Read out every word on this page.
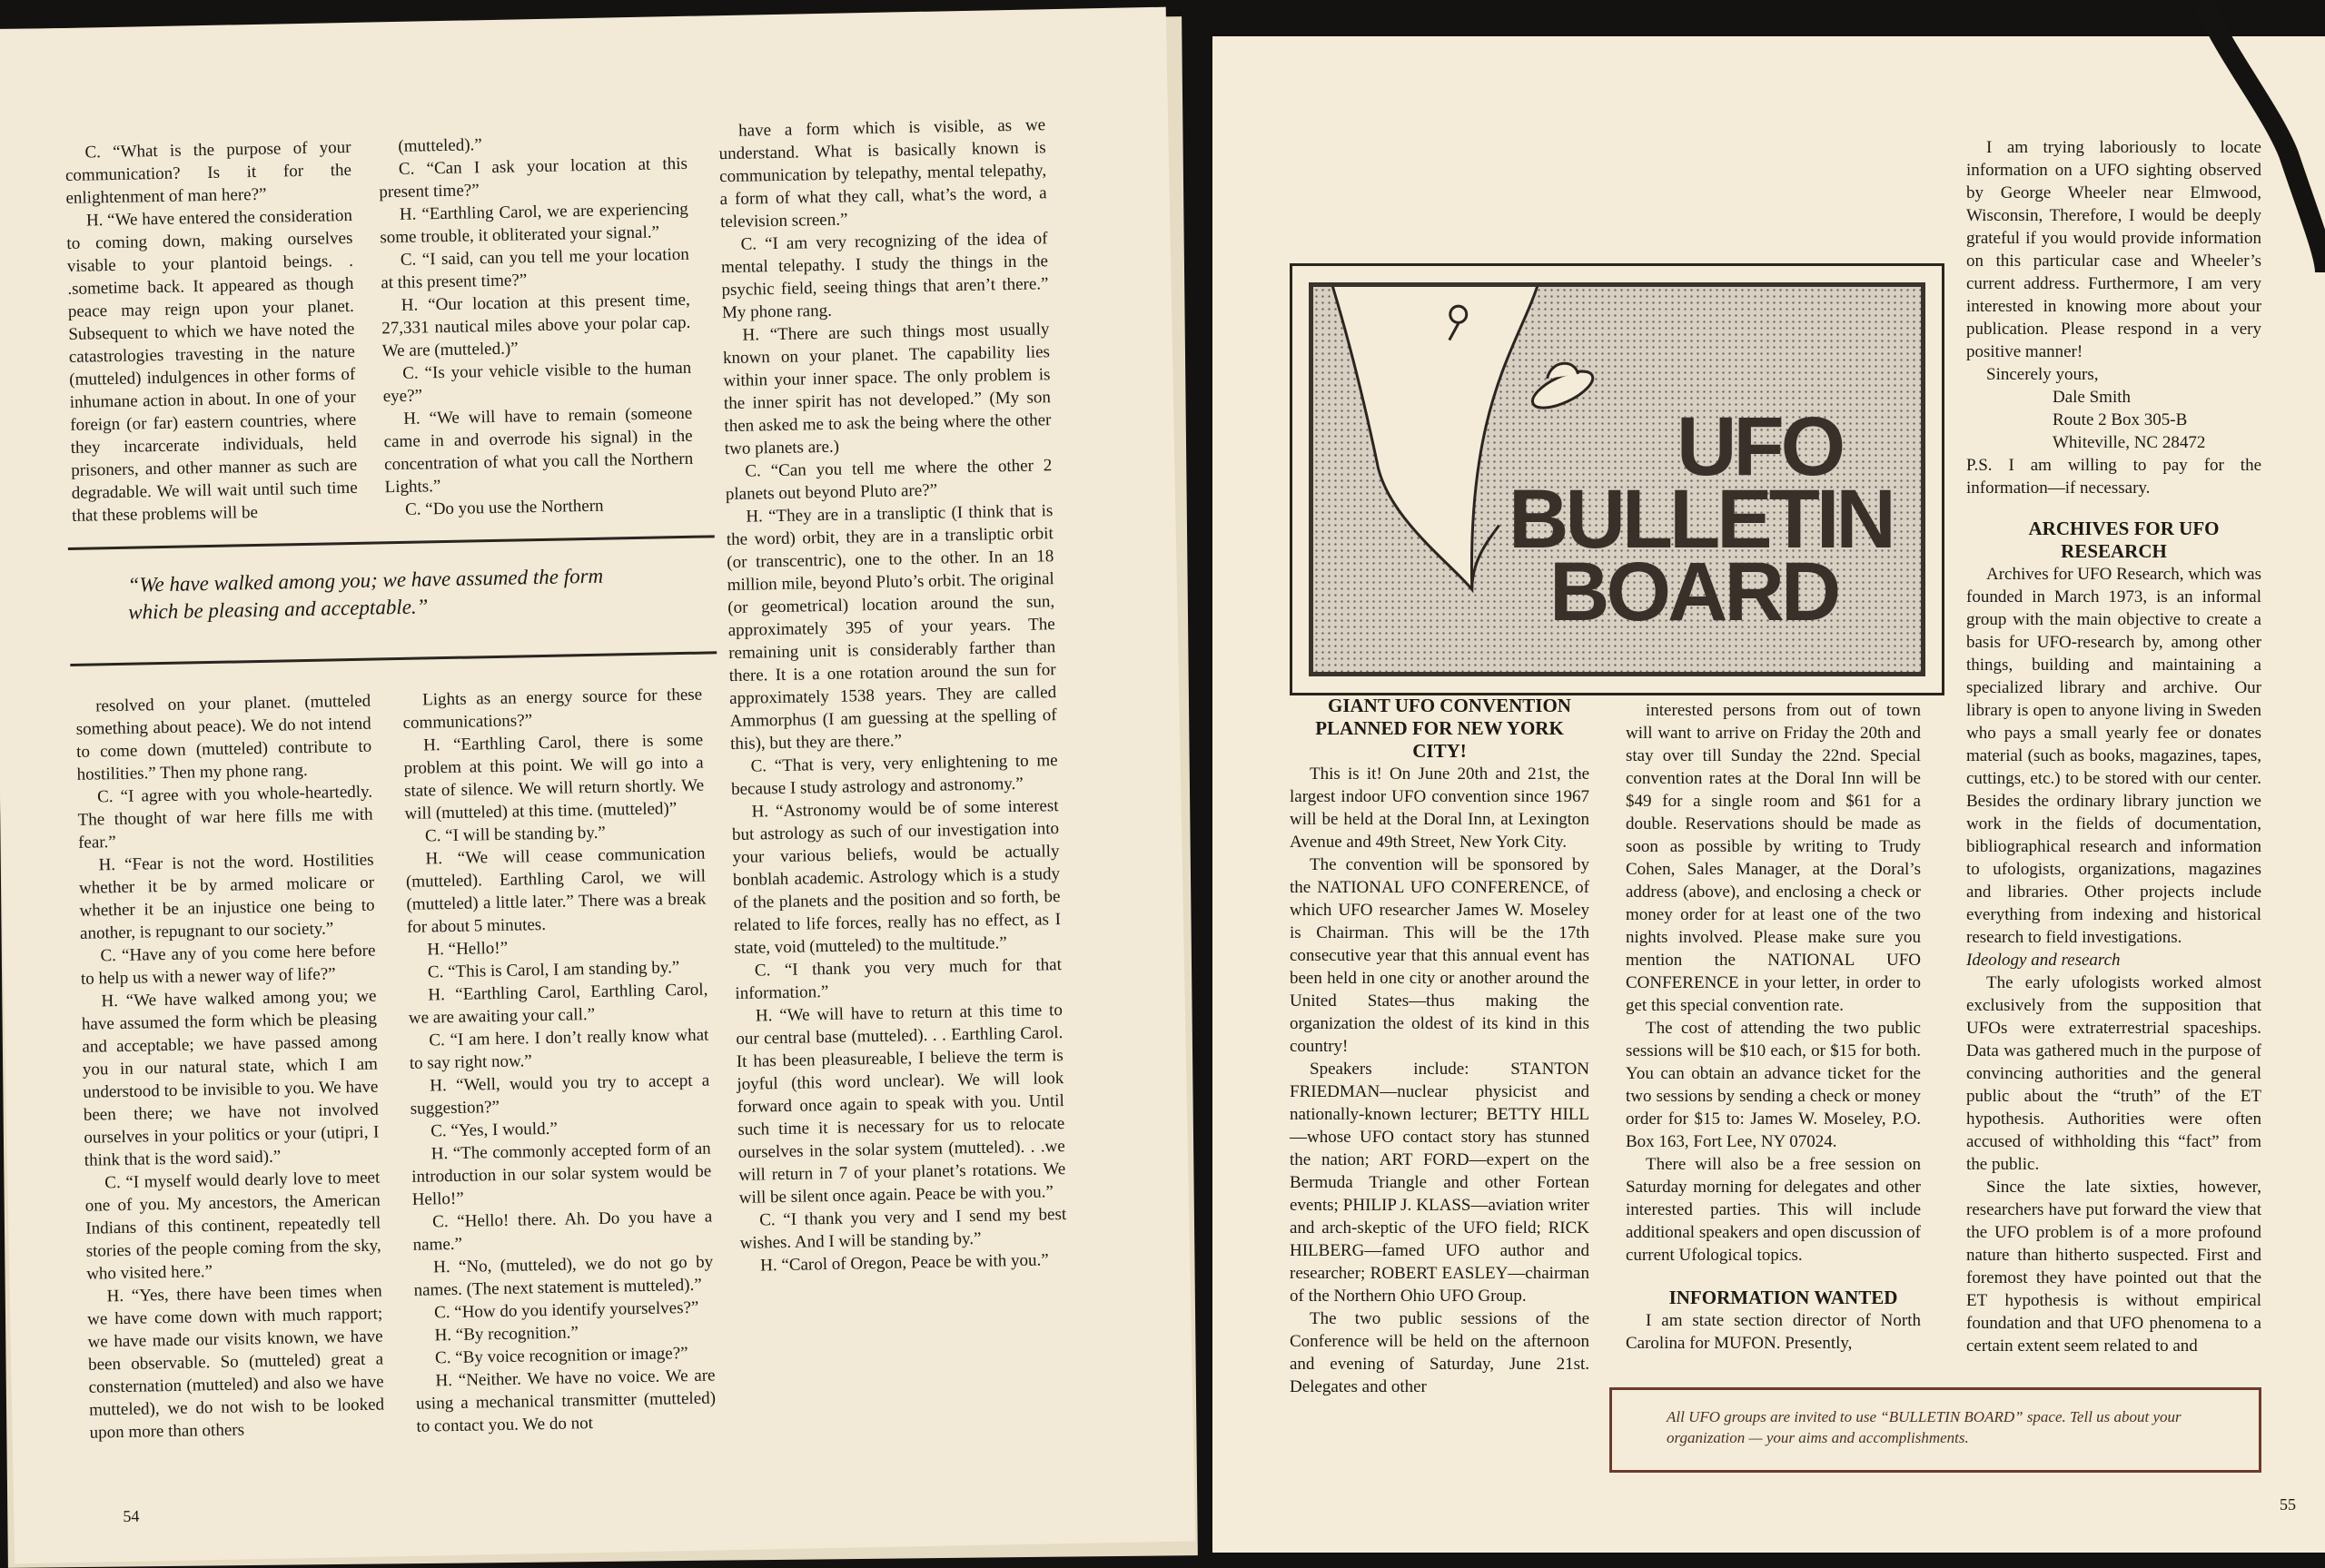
C. “What is the purpose of your communication? Is it for the enlightenment of man here?”

H. “We have entered the consideration to coming down, making ourselves visable to your plantoid beings. . .sometime back. It appeared as though peace may reign upon your planet. Subsequent to which we have noted the catastrologies travesting in the nature (mutteled) indulgences in other forms of inhumane action in about. In one of your foreign (or far) eastern countries, where they incarcerate individuals, held prisoners, and other manner as such are degradable. We will wait until such time that these problems will be

(mutteled).”

C. “Can I ask your location at this present time?”

H. “Earthling Carol, we are experiencing some trouble, it obliterated your signal.”

C. “I said, can you tell me your location at this present time?”

H. “Our location at this present time, 27,331 nautical miles above your polar cap. We are (mutteled.)”

C. “Is your vehicle visible to the human eye?”

H. “We will have to remain (someone came in and overrode his signal) in the concentration of what you call the Northern Lights.”

C. “Do you use the Northern

“We have walked among you; we have assumed the form which be pleasing and acceptable.”

resolved on your planet. (mutteled something about peace). We do not intend to come down (mutteled) contribute to hostilities.” Then my phone rang.

C. “I agree with you whole-heartedly. The thought of war here fills me with fear.”

H. “Fear is not the word. Hostilities whether it be by armed molicare or whether it be an injustice one being to another, is repugnant to our society.”

C. “Have any of you come here before to help us with a newer way of life?”

H. “We have walked among you; we have assumed the form which be pleasing and acceptable; we have passed among you in our natural state, which I am understood to be invisible to you. We have been there; we have not involved ourselves in your politics or your (utipri, I think that is the word said).”

C. “I myself would dearly love to meet one of you. My ancestors, the American Indians of this continent, repeatedly tell stories of the people coming from the sky, who visited here.”

H. “Yes, there have been times when we have come down with much rapport; we have made our visits known, we have been observable. So (mutteled) great a consternation (mutteled) and also we have mutteled), we do not wish to be looked upon more than others

Lights as an energy source for these communications?”

H. “Earthling Carol, there is some problem at this point. We will go into a state of silence. We will return shortly. We will (mutteled) at this time. (mutteled)”

C. “I will be standing by.”

H. “We will cease communication (mutteled). Earthling Carol, we will (mutteled) a little later.” There was a break for about 5 minutes.

H. “Hello!”

C. “This is Carol, I am standing by.”

H. “Earthling Carol, Earthling Carol, we are awaiting your call.”

C. “I am here. I don’t really know what to say right now.”

H. “Well, would you try to accept a suggestion?”

C. “Yes, I would.”

H. “The commonly accepted form of an introduction in our solar system would be Hello!”

C. “Hello! there. Ah. Do you have a name.”

H. “No, (mutteled), we do not go by names. (The next statement is mutteled).”

C. “How do you identify yourselves?”

H. “By recognition.”

C. “By voice recognition or image?”

H. “Neither. We have no voice. We are using a mechanical transmitter (mutteled) to contact you. We do not

have a form which is visible, as we understand. What is basically known is communication by telepathy, mental telepathy, a form of what they call, what’s the word, a television screen.”

C. “I am very recognizing of the idea of mental telepathy. I study the things in the psychic field, seeing things that aren’t there.” My phone rang.

H. “There are such things most usually known on your planet. The capability lies within your inner space. The only problem is the inner spirit has not developed.” (My son then asked me to ask the being where the other two planets are.)

C. “Can you tell me where the other 2 planets out beyond Pluto are?”

H. “They are in a transliptic (I think that is the word) orbit, they are in a transliptic orbit (or transcentric), one to the other. In an 18 million mile, beyond Pluto’s orbit. The original (or geometrical) location around the sun, approximately 395 of your years. The remaining unit is considerably farther than there. It is a one rotation around the sun for approximately 1538 years. They are called Ammorphus (I am guessing at the spelling of this), but they are there.”

C. “That is very, very enlightening to me because I study astrology and astronomy.”

H. “Astronomy would be of some interest but astrology as such of our investigation into your various beliefs, would be actually bonblah academic. Astrology which is a study of the planets and the position and so forth, be related to life forces, really has no effect, as I state, void (mutteled) to the multitude.”

C. “I thank you very much for that information.”

H. “We will have to return at this time to our central base (mutteled). . . Earthling Carol. It has been pleasureable, I believe the term is joyful (this word unclear). We will look forward once again to speak with you. Until such time it is necessary for us to relocate ourselves in the solar system (mutteled). . .we will return in 7 of your planet’s rotations. We will be silent once again. Peace be with you.”

C. “I thank you very and I send my best wishes. And I will be standing by.”

H. “Carol of Oregon, Peace be with you.”

54
UFO
BULLETIN
BOARD

GIANT UFO CONVENTION PLANNED FOR NEW YORK CITY!

This is it! On June 20th and 21st, the largest indoor UFO convention since 1967 will be held at the Doral Inn, at Lexington Avenue and 49th Street, New York City.

The convention will be sponsored by the NATIONAL UFO CONFERENCE, of which UFO researcher James W. Moseley is Chairman. This will be the 17th consecutive year that this annual event has been held in one city or another around the United States—thus making the organization the oldest of its kind in this country!

Speakers include: STANTON FRIEDMAN—nuclear physicist and nationally-known lecturer; BETTY HILL—whose UFO contact story has stunned the nation; ART FORD—expert on the Bermuda Triangle and other Fortean events; PHILIP J. KLASS—aviation writer and arch-skeptic of the UFO field; RICK HILBERG—famed UFO author and researcher; ROBERT EASLEY—chairman of the Northern Ohio UFO Group.

The two public sessions of the Conference will be held on the afternoon and evening of Saturday, June 21st. Delegates and other

interested persons from out of town will want to arrive on Friday the 20th and stay over till Sunday the 22nd. Special convention rates at the Doral Inn will be $49 for a single room and $61 for a double. Reservations should be made as soon as possible by writing to Trudy Cohen, Sales Manager, at the Doral’s address (above), and enclosing a check or money order for at least one of the two nights involved. Please make sure you mention the NATIONAL UFO CONFERENCE in your letter, in order to get this special convention rate.

The cost of attending the two public sessions will be $10 each, or $15 for both. You can obtain an advance ticket for the two sessions by sending a check or money order for $15 to: James W. Moseley, P.O. Box 163, Fort Lee, NY 07024.

There will also be a free session on Saturday morning for delegates and other interested parties. This will include additional speakers and open discussion of current Ufological topics.

INFORMATION WANTED

I am state section director of North Carolina for MUFON. Presently,

I am trying laboriously to locate information on a UFO sighting observed by George Wheeler near Elmwood, Wisconsin, Therefore, I would be deeply grateful if you would provide information on this particular case and Wheeler’s current address. Furthermore, I am very interested in knowing more about your publication. Please respond in a very positive manner!

Sincerely yours,

Dale Smith

Route 2 Box 305-B

Whiteville, NC 28472

P.S. I am willing to pay for the information—if necessary.

ARCHIVES FOR UFO RESEARCH

Archives for UFO Research, which was founded in March 1973, is an informal group with the main objective to create a basis for UFO-research by, among other things, building and maintaining a specialized library and archive. Our library is open to anyone living in Sweden who pays a small yearly fee or donates material (such as books, magazines, tapes, cuttings, etc.) to be stored with our center. Besides the ordinary library junction we work in the fields of documentation, bibliographical research and information to ufologists, organizations, magazines and libraries. Other projects include everything from indexing and historical research to field investigations.

Ideology and research

The early ufologists worked almost exclusively from the supposition that UFOs were extraterrestrial spaceships. Data was gathered much in the purpose of convincing authorities and the general public about the “truth” of the ET hypothesis. Authorities were often accused of withholding this “fact” from the public.

Since the late sixties, however, researchers have put forward the view that the UFO problem is of a more profound nature than hitherto suspected. First and foremost they have pointed out that the ET hypothesis is without empirical foundation and that UFO phenomena to a certain extent seem related to and

All UFO groups are invited to use “BULLETIN BOARD” space. Tell us about your organization — your aims and accomplishments.
55
